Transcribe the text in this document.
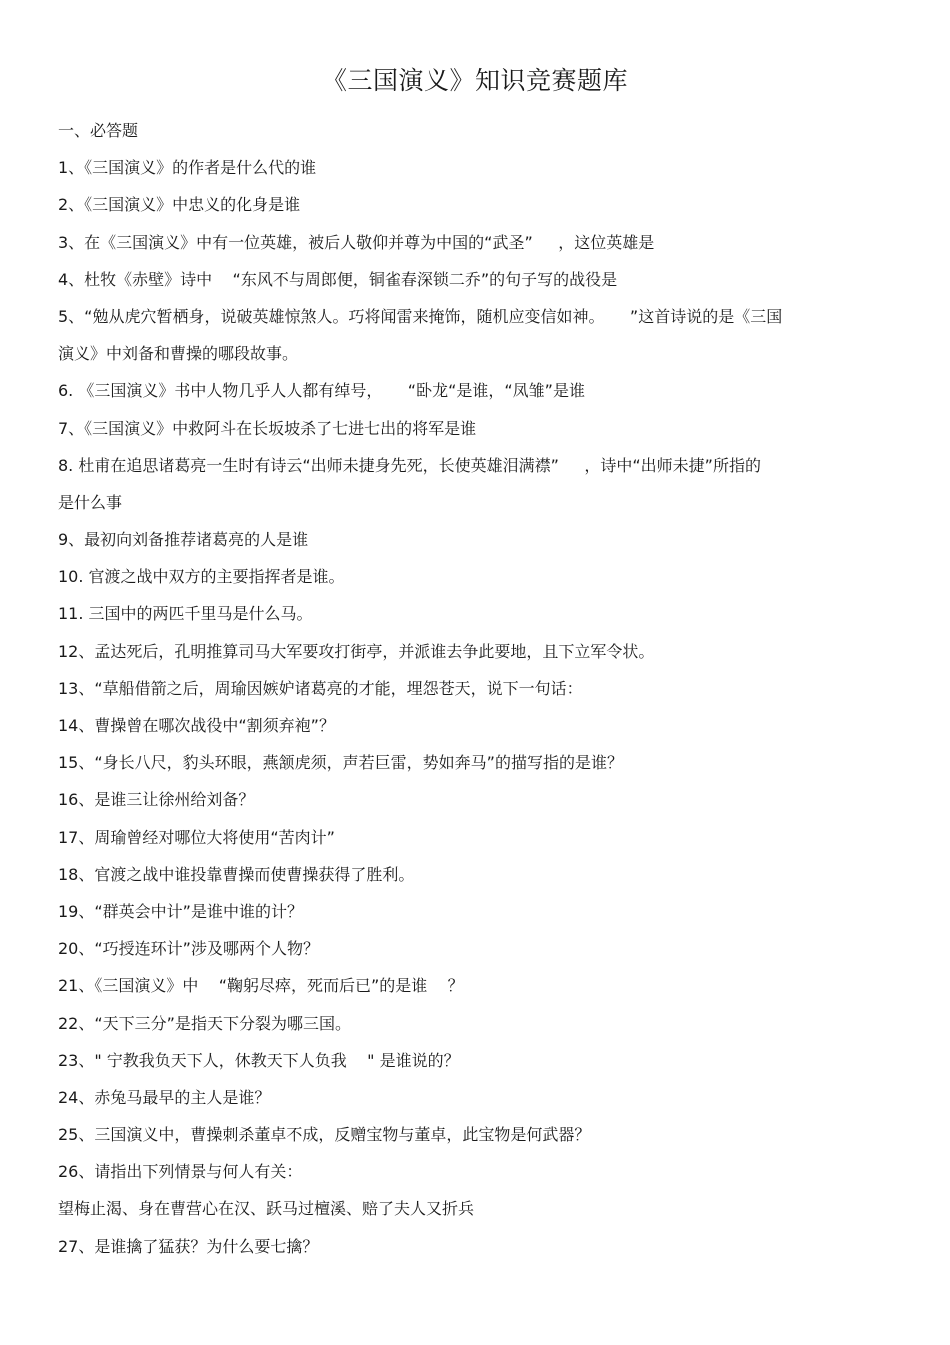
《三国演义》知识竞赛题库
一、必答题
1、《三国演义》的作者是什么代的谁
2、《三国演义》中忠义的化身是谁
3、在《三国演义》中有一位英雄，被后人敬仰并尊为中国的“武圣”     ，这位英雄是
4、杜牧《赤壁》诗中    “东风不与周郎便，铜雀春深锁二乔”的句子写的战役是
5、“勉从虎穴暂栖身，说破英雄惊煞人。巧将闻雷来掩饰，随机应变信如神。     ”这首诗说的是《三国
演义》中刘备和曹操的哪段故事。
6. 《三国演义》书中人物几乎人人都有绰号，     “卧龙“是谁，“凤雏”是谁
7、《三国演义》中救阿斗在长坂坡杀了七进七出的将军是谁
8. 杜甫在追思诸葛亮一生时有诗云“出师未捷身先死，长使英雄泪满襟”     ，诗中“出师未捷”所指的
是什么事
9、最初向刘备推荐诸葛亮的人是谁
10. 官渡之战中双方的主要指挥者是谁。
11. 三国中的两匹千里马是什么马。
12、孟达死后，孔明推算司马大军要攻打街亭，并派谁去争此要地，且下立军令状。
13、“草船借箭之后，周瑜因嫉妒诸葛亮的才能，埋怨苍天，说下一句话：
14、曹操曾在哪次战役中“割须弃袍”？
15、“身长八尺，豹头环眼，燕颔虎须，声若巨雷，势如奔马”的描写指的是谁？
16、是谁三让徐州给刘备？
17、周瑜曾经对哪位大将使用“苦肉计”
18、官渡之战中谁投靠曹操而使曹操获得了胜利。
19、“群英会中计”是谁中谁的计？
20、“巧授连环计”涉及哪两个人物？
21、《三国演义》中    “鞠躬尽瘁，死而后已”的是谁    ？
22、“天下三分”是指天下分裂为哪三国。
23、" 宁教我负天下人，休教天下人负我    " 是谁说的？
24、赤兔马最早的主人是谁？
25、三国演义中，曹操刺杀董卓不成，反赠宝物与董卓，此宝物是何武器？
26、请指出下列情景与何人有关：
望梅止渴、身在曹营心在汉、跃马过檀溪、赔了夫人又折兵
27、是谁擒了猛获？为什么要七擒？
